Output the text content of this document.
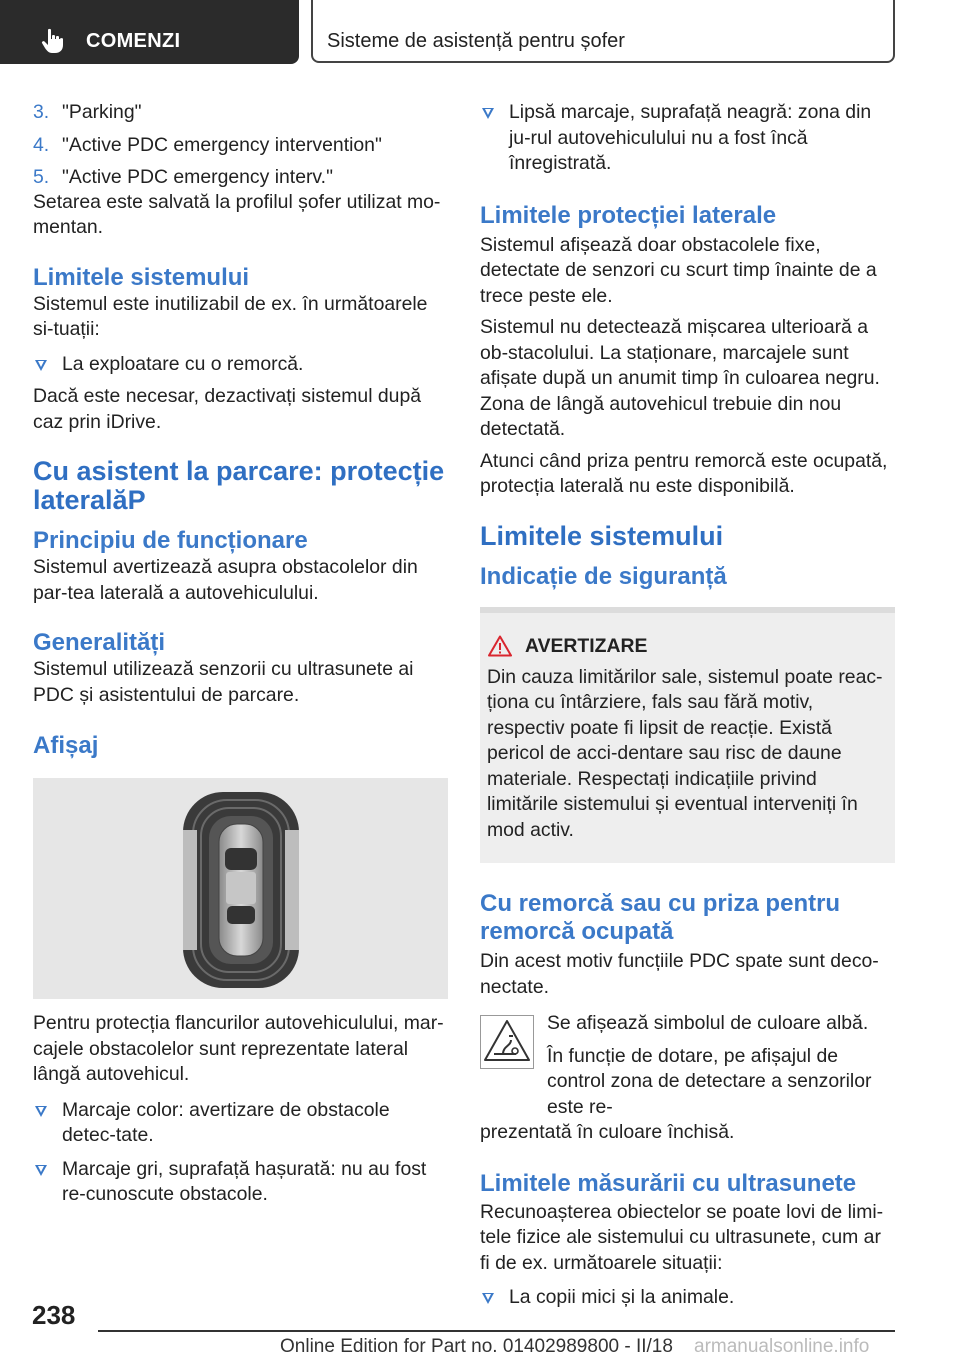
COMENZI	Sisteme de asistență pentru șofer
3. "Parking"
4. "Active PDC emergency intervention"
5. "Active PDC emergency interv."

Setarea este salvată la profilul șofer utilizat mo-mentan.

Limitele sistemului

Sistemul este inutilizabil de ex. în următoarele si-tuații:

La exploatare cu o remorcă.

Dacă este necesar, dezactivați sistemul după caz prin iDrive.

Cu asistent la parcare: protecție lateralăP
Principiu de funcționare

Sistemul avertizează asupra obstacolelor din par-tea laterală a autovehiculului.

Generalități

Sistemul utilizează senzorii cu ultrasunete ai PDC și asistentului de parcare.

Afișaj

Pentru protecția flancurilor autovehiculului, mar-cajele obstacolelor sunt reprezentate lateral lângă autovehicul.

Marcaje color: avertizare de obstacole detec-tate.
Marcaje gri, suprafață hașurată: nu au fost re-cunoscute obstacole.
Lipsă marcaje, suprafață neagră: zona din ju-rul autovehiculului nu a fost încă înregistrată.
Limitele protecției laterale

Sistemul afișează doar obstacolele fixe, detectate de senzori cu scurt timp înainte de a trece peste ele.

Sistemul nu detectează mișcarea ulterioară a ob-stacolului. La staționare, marcajele sunt afișate după un anumit timp în culoarea negru. Zona de lângă autovehicul trebuie din nou detectată.

Atunci când priza pentru remorcă este ocupată, protecția laterală nu este disponibilă.

Limitele sistemului
Indicație de siguranță
AVERTIZARE

Din cauza limitărilor sale, sistemul poate reac-ționa cu întârziere, fals sau fără motiv, respectiv poate fi lipsit de reacție. Există pericol de acci-dentare sau risc de daune materiale. Respectați indicațiile privind limitările sistemului și eventual interveniți în mod activ.

Cu remorcă sau cu priza pentru remorcă ocupată

Din acest motiv funcțiile PDC spate sunt deco-nectate.

Se afișează simbolul de culoare albă.

În funcție de dotare, pe afișajul de control zona de detectare a senzorilor este re-

prezentată în culoare închisă.

Limitele măsurării cu ultrasunete

Recunoașterea obiectelor se poate lovi de limi-tele fizice ale sistemului cu ultrasunete, cum ar fi de ex. următoarele situații:

La copii mici și la animale.
238
Online Edition for Part no. 01402989800 - II/18 armanualsonline.info
